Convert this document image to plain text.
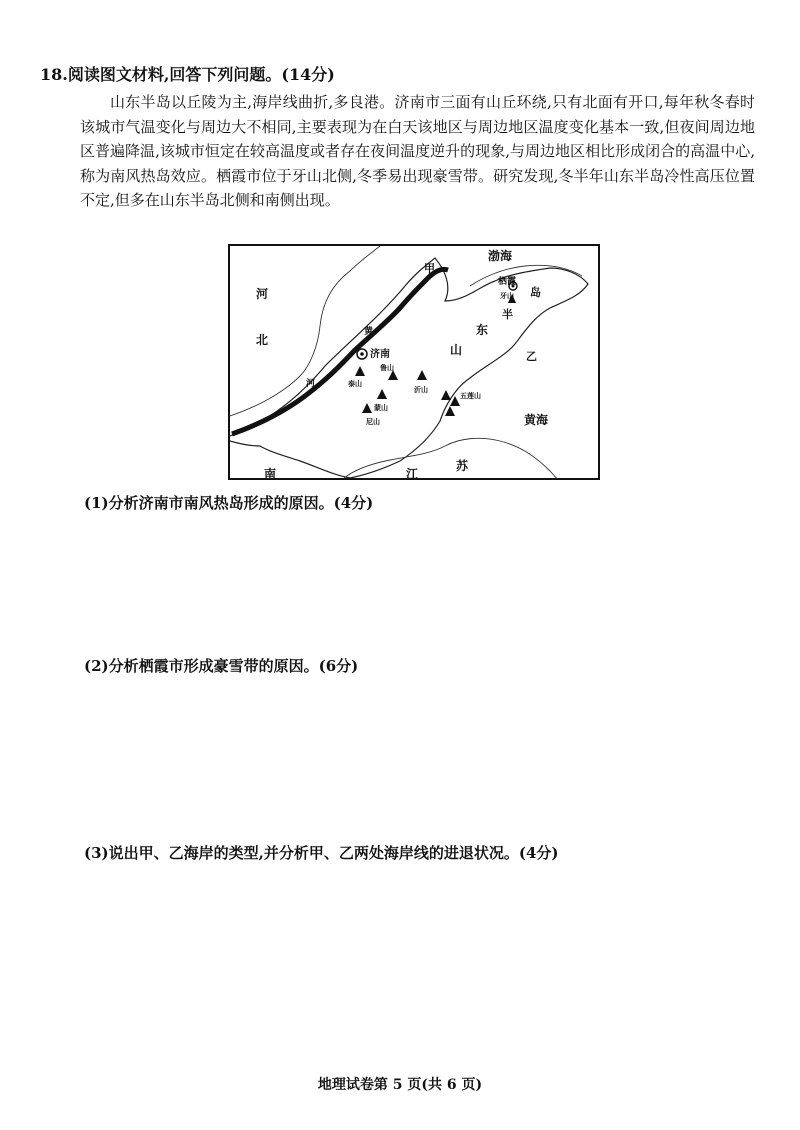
18.阅读图文材料,回答下列问题。(14分)
山东半岛以丘陵为主,海岸线曲折,多良港。济南市三面有山丘环绕,只有北面有开口,每年秋冬春时该城市气温变化与周边大不相同,主要表现为在白天该地区与周边地区温度变化基本一致,但夜间周边地区普遍降温,该城市恒定在较高温度或者存在夜间温度逆升的现象,与周边地区相比形成闭合的高温中心,称为南风热岛效应。栖霞市位于牙山北侧,冬季易出现豪雪带。研究发现,冬半年山东半岛冷性高压位置不定,但多在山东半岛北侧和南侧出现。
渤海
甲
栖霞
牙山 岛
半
东
山	乙
黄海
济南
泰山
鲁山
蒙山
尼山
沂山
五莲山
河
北
黄
河
南	江
苏
(1)分析济南市南风热岛形成的原因。(4分)
(2)分析栖霞市形成豪雪带的原因。(6分)
(3)说出甲、乙海岸的类型,并分析甲、乙两处海岸线的进退状况。(4分)
地理试卷第 5 页(共 6 页)
